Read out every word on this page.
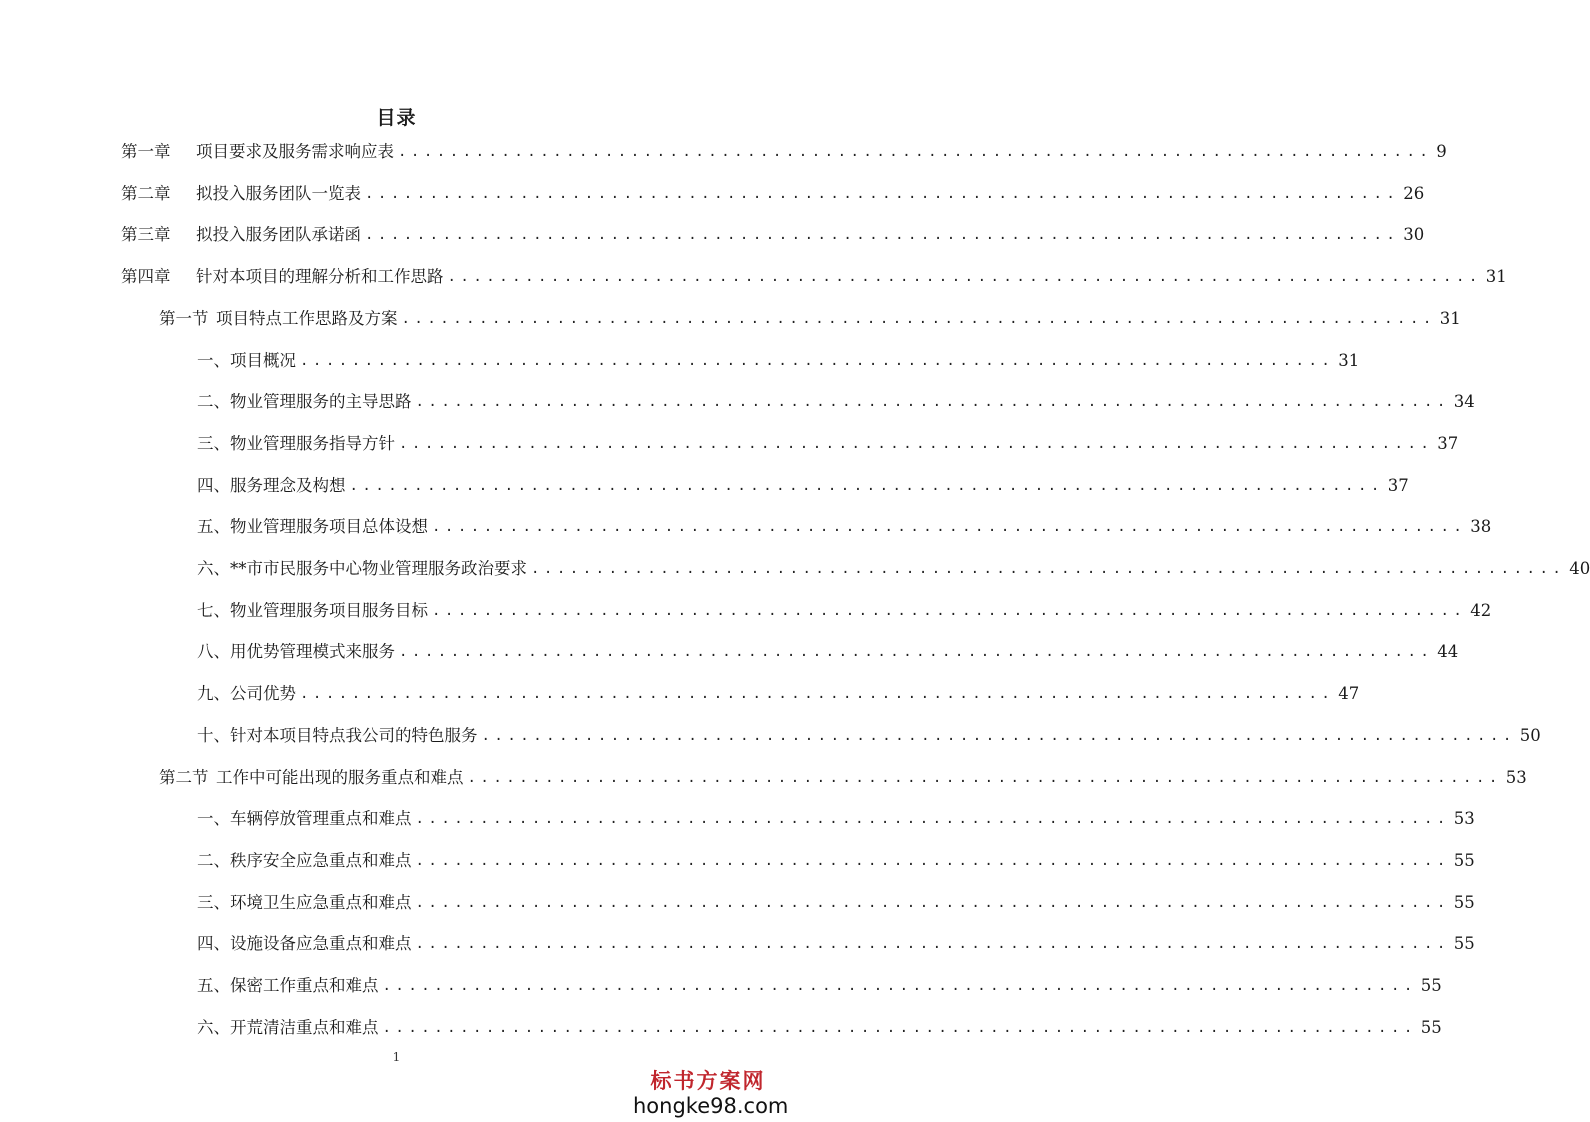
目录
第一章	项目要求及服务需求响应表 ................................................................................ 9
第二章	拟投入服务团队一览表 ................................................................................ 26
第三章	拟投入服务团队承诺函 ................................................................................ 30
第四章	针对本项目的理解分析和工作思路 ................................................................................ 31
第一节 项目特点工作思路及方案 ................................................................................ 31
一、项目概况 ................................................................................ 31
二、物业管理服务的主导思路 ................................................................................ 34
三、物业管理服务指导方针 ................................................................................ 37
四、服务理念及构想 ................................................................................ 37
五、物业管理服务项目总体设想 ................................................................................ 38
六、**市市民服务中心物业管理服务政治要求 ................................................................................ 40
七、物业管理服务项目服务目标 ................................................................................ 42
八、用优势管理模式来服务 ................................................................................ 44
九、公司优势 ................................................................................ 47
十、针对本项目特点我公司的特色服务 ................................................................................ 50
第二节 工作中可能出现的服务重点和难点 ................................................................................ 53
一、车辆停放管理重点和难点 ................................................................................ 53
二、秩序安全应急重点和难点 ................................................................................ 55
三、环境卫生应急重点和难点 ................................................................................ 55
四、设施设备应急重点和难点 ................................................................................ 55
五、保密工作重点和难点 ................................................................................ 55
六、开荒清洁重点和难点 ................................................................................ 55
1
标书方案网
hongke98.com
